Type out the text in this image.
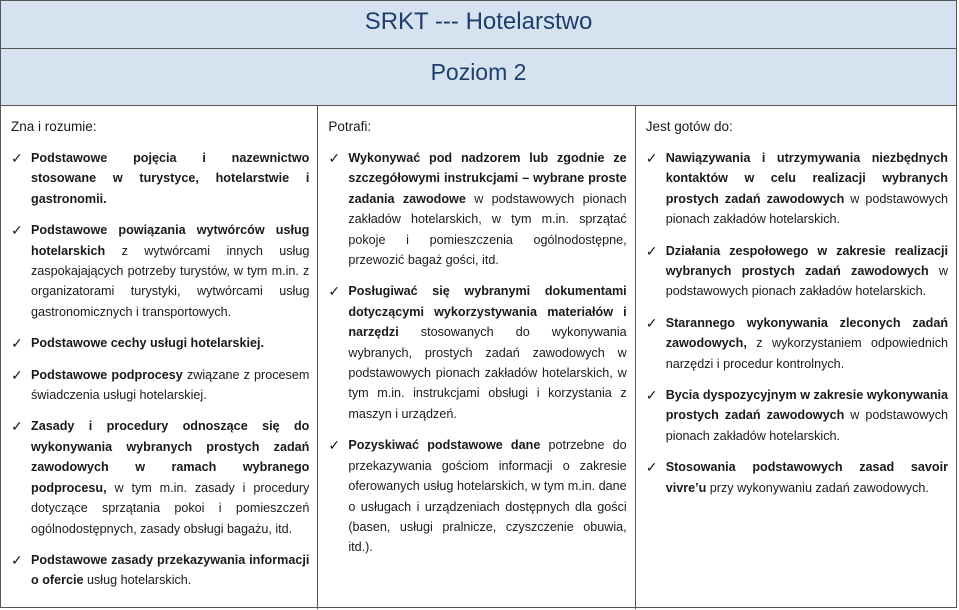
SRKT --- Hotelarstwo
Poziom 2
Zna i rozumie:
✓ Podstawowe pojęcia i nazewnictwo stosowane w turystyce, hotelarstwie i gastronomii.
✓ Podstawowe powiązania wytwórców usług hotelarskich z wytwórcami innych usług zaspokajających potrzeby turystów, w tym m.in. z organizatorami turystyki, wytwórcami usług gastronomicznych i transportowych.
✓ Podstawowe cechy usługi hotelarskiej.
✓ Podstawowe podprocesy związane z procesem świadczenia usługi hotelarskiej.
✓ Zasady i procedury odnoszące się do wykonywania wybranych prostych zadań zawodowych w ramach wybranego podprocesu, w tym m.in. zasady i procedury dotyczące sprzątania pokoi i pomieszczeń ogólnodostępnych, zasady obsługi bagażu, itd.
✓ Podstawowe zasady przekazywania informacji o ofercie usług hotelarskich.
Potrafi:
✓ Wykonywać pod nadzorem lub zgodnie ze szczegółowymi instrukcjami – wybrane proste zadania zawodowe w podstawowych pionach zakładów hotelarskich, w tym m.in. sprzątać pokoje i pomieszczenia ogólnodostępne, przewozić bagaż gości, itd.
✓ Posługiwać się wybranymi dokumentami dotyczącymi wykorzystywania materiałów i narzędzi stosowanych do wykonywania wybranych, prostych zadań zawodowych w podstawowych pionach zakładów hotelarskich, w tym m.in. instrukcjami obsługi i korzystania z maszyn i urządzeń.
✓ Pozyskiwać podstawowe dane potrzebne do przekazywania gościom informacji o zakresie oferowanych usług hotelarskich, w tym m.in. dane o usługach i urządzeniach dostępnych dla gości (basen, usługi pralnicze, czyszczenie obuwia, itd.).
Jest gotów do:
✓ Nawiązywania i utrzymywania niezbędnych kontaktów w celu realizacji wybranych prostych zadań zawodowych w podstawowych pionach zakładów hotelarskich.
✓ Działania zespołowego w zakresie realizacji wybranych prostych zadań zawodowych w podstawowych pionach zakładów hotelarskich.
✓ Starannego wykonywania zleconych zadań zawodowych, z wykorzystaniem odpowiednich narzędzi i procedur kontrolnych.
✓ Bycia dyspozycyjnym w zakresie wykonywania prostych zadań zawodowych w podstawowych pionach zakładów hotelarskich.
✓ Stosowania podstawowych zasad savoir vivre’u przy wykonywaniu zadań zawodowych.
